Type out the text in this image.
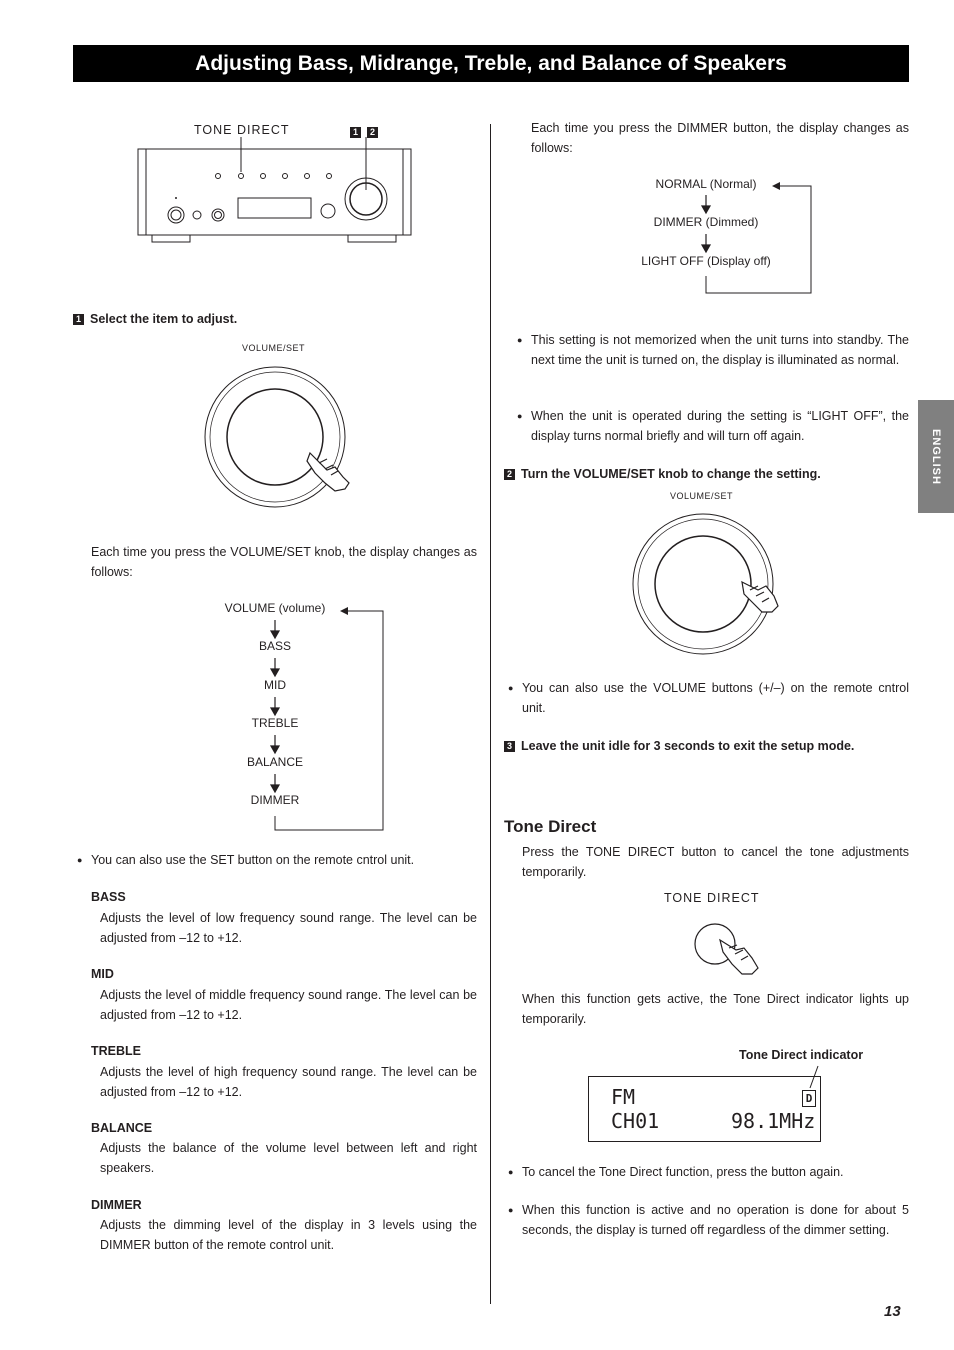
Adjusting Bass, Midrange, Treble, and Balance of Speakers
ENGLISH
TONE DIRECT	1 2
1 Select the item to adjust.
VOLUME/SET
Each time you press the VOLUME/SET knob, the display changes as follows:
VOLUME (volume)
BASS
MID
TREBLE
BALANCE
DIMMER
● You can also use the SET button on the remote cntrol unit.
BASS
Adjusts the level of low frequency sound range. The level can be adjusted from –12 to +12.
MID
Adjusts the level of middle frequency sound range. The level can be adjusted from –12 to +12.
TREBLE
Adjusts the level of high frequency sound range. The level can be adjusted from –12 to +12.
BALANCE
Adjusts the balance of the volume level between left and right speakers.
DIMMER
Adjusts the dimming level of the display in 3 levels using the DIMMER button of the remote control unit.
Each time you press the DIMMER button, the display changes as follows:
NORMAL (Normal)
DIMMER (Dimmed)
LIGHT OFF (Display off)
● This setting is not memorized when the unit turns into standby. The next time the unit is turned on, the display is illuminated as normal.
● When the unit is operated during the setting is “LIGHT OFF”, the display turns normal briefly and will turn off again.
2 Turn the VOLUME/SET knob to change the setting.
VOLUME/SET
● You can also use the VOLUME buttons (+/–) on the remote cntrol unit.
3 Leave the unit idle for 3 seconds to exit the setup mode.
Tone Direct
Press the TONE DIRECT button to cancel the tone adjustments temporarily.
TONE DIRECT
When this function gets active, the Tone Direct indicator lights up temporarily.
Tone Direct indicator
FM	D
CH01	98.1MHz
● To cancel the Tone Direct function, press the button again.
● When this function is active and no operation is done for about 5 seconds, the display is turned off regardless of the dimmer setting.
13
